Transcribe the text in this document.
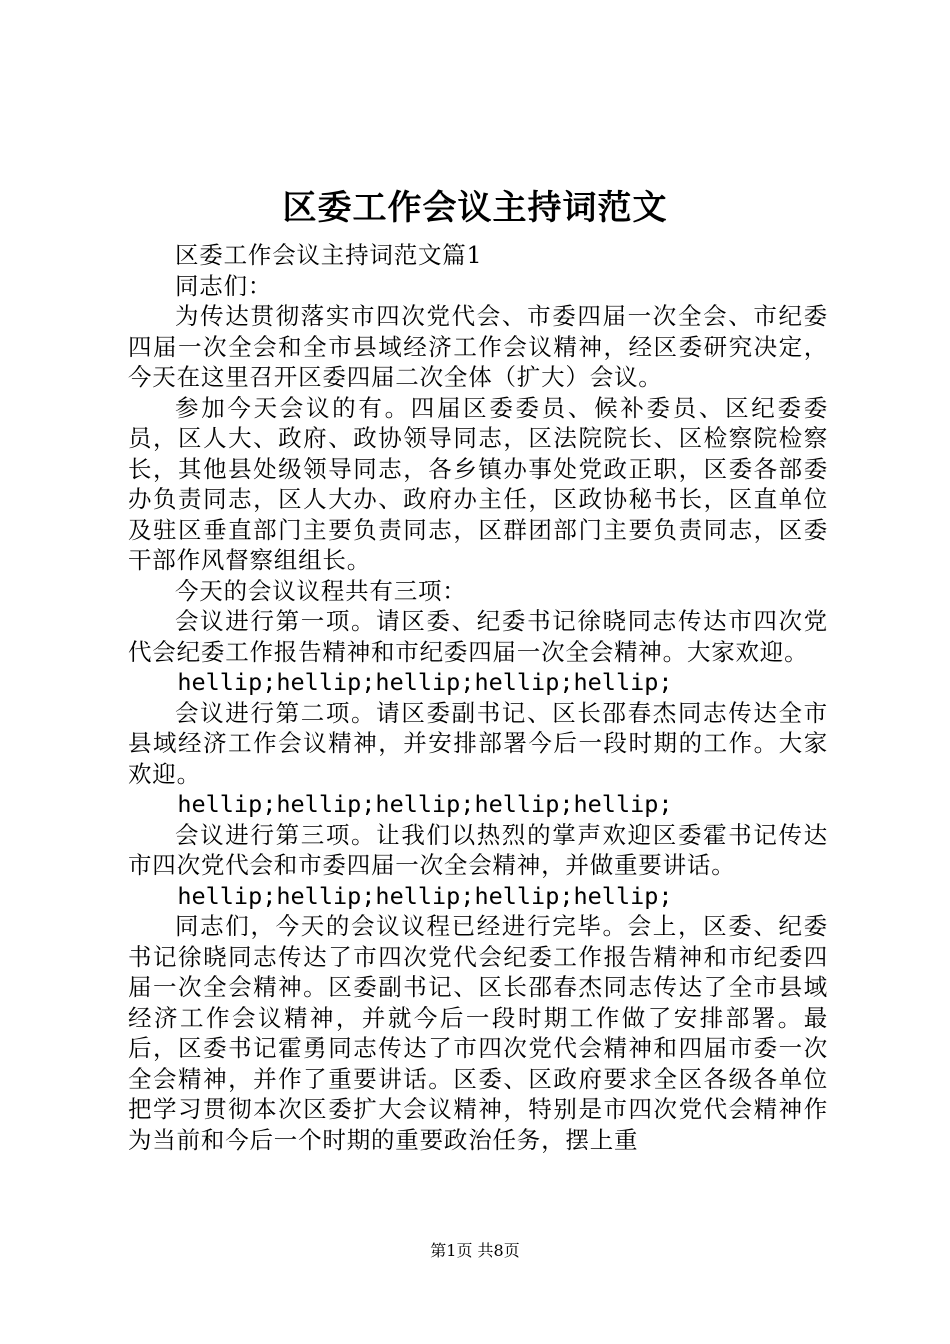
区委工作会议主持词范文

区委工作会议主持词范文篇1

同志们：

为传达贯彻落实市四次党代会、市委四届一次全会、市纪委四届一次全会和全市县域经济工作会议精神，经区委研究决定，今天在这里召开区委四届二次全体（扩大）会议。

参加今天会议的有。四届区委委员、候补委员、区纪委委员，区人大、政府、政协领导同志，区法院院长、区检察院检察长，其他县处级领导同志，各乡镇办事处党政正职，区委各部委办负责同志，区人大办、政府办主任，区政协秘书长，区直单位及驻区垂直部门主要负责同志，区群团部门主要负责同志，区委干部作风督察组组长。

今天的会议议程共有三项：

会议进行第一项。请区委、纪委书记徐晓同志传达市四次党代会纪委工作报告精神和市纪委四届一次全会精神。大家欢迎。

hellip;hellip;hellip;hellip;hellip;

会议进行第二项。请区委副书记、区长邵春杰同志传达全市县域经济工作会议精神，并安排部署今后一段时期的工作。大家欢迎。

hellip;hellip;hellip;hellip;hellip;

会议进行第三项。让我们以热烈的掌声欢迎区委霍书记传达市四次党代会和市委四届一次全会精神，并做重要讲话。

hellip;hellip;hellip;hellip;hellip;

同志们，今天的会议议程已经进行完毕。会上，区委、纪委书记徐晓同志传达了市四次党代会纪委工作报告精神和市纪委四届一次全会精神。区委副书记、区长邵春杰同志传达了全市县域经济工作会议精神，并就今后一段时期工作做了安排部署。最后，区委书记霍勇同志传达了市四次党代会精神和四届市委一次全会精神，并作了重要讲话。区委、区政府要求全区各级各单位把学习贯彻本次区委扩大会议精神，特别是市四次党代会精神作为当前和今后一个时期的重要政治任务，摆上重

第1页 共8页
